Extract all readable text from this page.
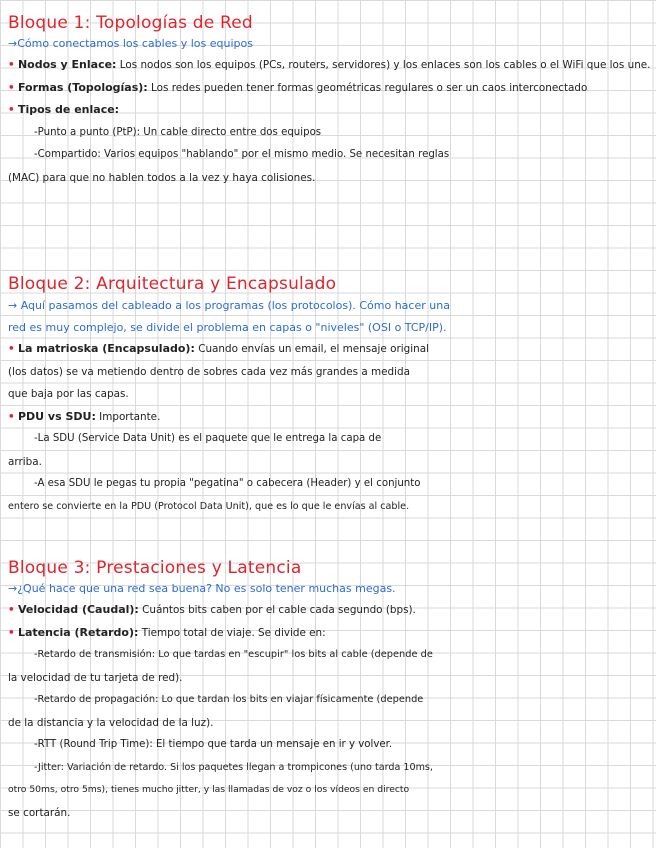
Bloque 1: Topologías de Red
→Cómo conectamos los cables y los equipos
• Nodos y Enlace: Los nodos son los equipos (PCs, routers, servidores) y los enlaces son los cables o el WiFi que los une.
• Formas (Topologías): Los redes pueden tener formas geométricas regulares o ser un caos interconectado
• Tipos de enlace:
-Punto a punto (PtP): Un cable directo entre dos equipos
-Compartido: Varios equipos "hablando" por el mismo medio. Se necesitan reglas
(MAC) para que no hablen todos a la vez y haya colisiones.
Bloque 2: Arquitectura y Encapsulado
→ Aquí pasamos del cableado a los programas (los protocolos). Cómo hacer una
red es muy complejo, se divide el problema en capas o "niveles" (OSI o TCP/IP).
• La matrioska (Encapsulado): Cuando envías un email, el mensaje original
(los datos) se va metiendo dentro de sobres cada vez más grandes a medida
que baja por las capas.
• PDU vs SDU: Importante.
-La SDU (Service Data Unit) es el paquete que le entrega la capa de
arriba.
-A esa SDU le pegas tu propia "pegatina" o cabecera (Header) y el conjunto
entero se convierte en la PDU (Protocol Data Unit), que es lo que le envías al cable.
Bloque 3: Prestaciones y Latencia
→¿Qué hace que una red sea buena? No es solo tener muchas megas.
• Velocidad (Caudal): Cuántos bits caben por el cable cada segundo (bps).
• Latencia (Retardo): Tiempo total de viaje. Se divide en:
-Retardo de transmisión: Lo que tardas en "escupir" los bits al cable (depende de
la velocidad de tu tarjeta de red).
-Retardo de propagación: Lo que tardan los bits en viajar físicamente (depende
de la distancia y la velocidad de la luz).
-RTT (Round Trip Time): El tiempo que tarda un mensaje en ir y volver.
-Jitter: Variación de retardo. Si los paquetes llegan a trompicones (uno tarda 10ms,
otro 50ms, otro 5ms), tienes mucho jitter, y las llamadas de voz o los vídeos en directo
se cortarán.
